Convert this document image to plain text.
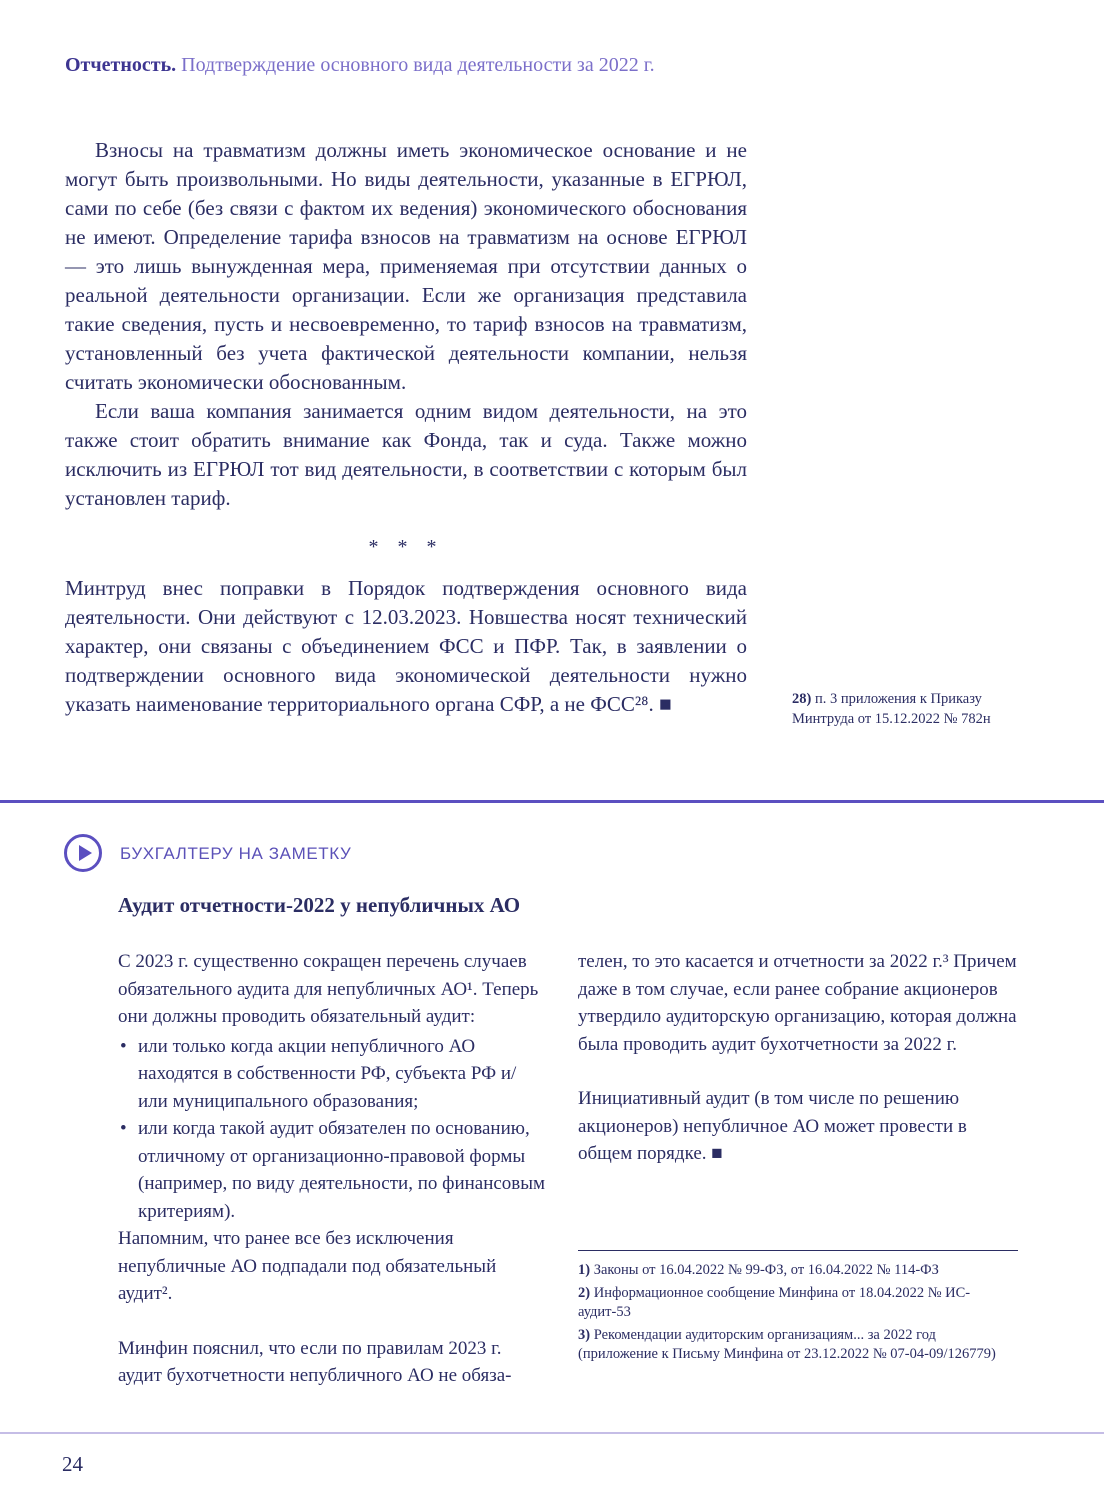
Отчетность. Подтверждение основного вида деятельности за 2022 г.

Взносы на травматизм должны иметь экономическое основание и не могут быть произвольными. Но виды деятельности, указанные в ЕГРЮЛ, сами по себе (без связи с фактом их ведения) экономического обоснования не имеют. Определение тарифа взносов на травматизм на основе ЕГРЮЛ — это лишь вынужденная мера, применяемая при отсутствии данных о реальной деятельности организации. Если же организация представила такие сведения, пусть и несвоевременно, то тариф взносов на травматизм, установленный без учета фактической деятельности компании, нельзя считать экономически обоснованным.

Если ваша компания занимается одним видом деятельности, на это также стоит обратить внимание как Фонда, так и суда. Также можно исключить из ЕГРЮЛ тот вид деятельности, в соответствии с которым был установлен тариф.

* * *

Минтруд внес поправки в Порядок подтверждения основного вида деятельности. Они действуют с 12.03.2023. Новшества носят технический характер, они связаны с объединением ФСС и ПФР. Так, в заявлении о подтверждении основного вида экономической деятельности нужно указать наименование территориального органа СФР, а не ФСС²⁸. ■	28) п. 3 приложения к Приказу Минтруда от 15.12.2022 № 782н
БУХГАЛТЕРУ НА ЗАМЕТКУ
Аудит отчетности-2022 у непубличных АО

С 2023 г. существенно сокращен перечень случаев обязательного аудита для непубличных АО¹. Теперь они должны проводить обязательный аудит:

• или только когда акции непубличного АО находятся в собственности РФ, субъекта РФ и/или муниципального образования;
• или когда такой аудит обязателен по основанию, отличному от организационно-правовой формы (например, по виду деятельности, по финансовым критериям).

Напомним, что ранее все без исключения непубличные АО подпадали под обязательный аудит².

Минфин пояснил, что если по правилам 2023 г. аудит бухотчетности непубличного АО не обяза-

телен, то это касается и отчетности за 2022 г.³ Причем даже в том случае, если ранее собрание акционеров утвердило аудиторскую организацию, которая должна была проводить аудит бухотчетности за 2022 г.

Инициативный аудит (в том числе по решению акционеров) непубличное АО может провести в общем порядке. ■

1) Законы от 16.04.2022 № 99-ФЗ, от 16.04.2022 № 114-ФЗ
2) Информационное сообщение Минфина от 18.04.2022 № ИС-аудит-53
3) Рекомендации аудиторским организациям... за 2022 год (приложение к Письму Минфина от 23.12.2022 № 07-04-09/126779)
24
